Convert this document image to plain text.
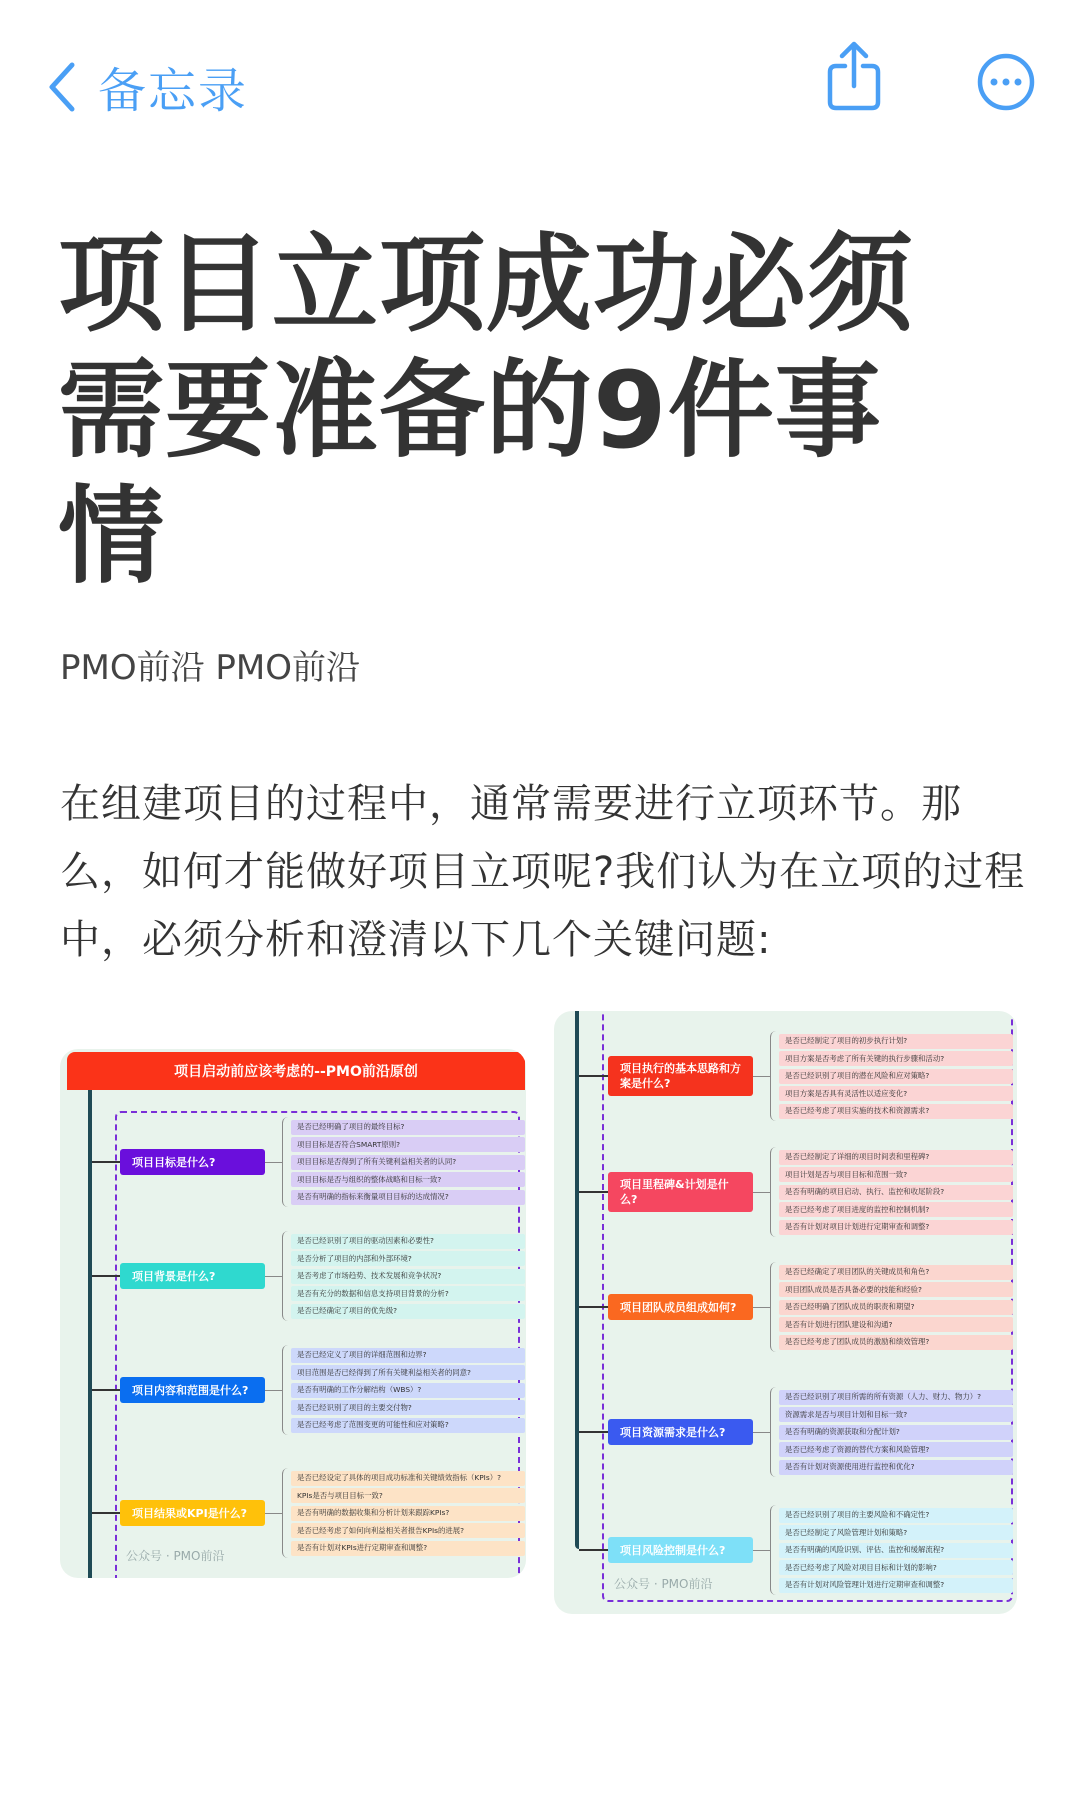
备忘录
项目立项成功必须需要准备的9件事情
PMO前沿 PMO前沿
在组建项目的过程中，通常需要进行立项环节。那么，如何才能做好项目立项呢?我们认为在立项的过程中，必须分析和澄清以下几个关键问题:
项目启动前应该考虑的--PMO前沿原创
项目目标是什么?
是否已经明确了项目的最终目标?
项目目标是否符合SMART原则?
项目目标是否得到了所有关键利益相关者的认同?
项目目标是否与组织的整体战略和目标一致?
是否有明确的指标来衡量项目目标的达成情况?
项目背景是什么?
是否已经识别了项目的驱动因素和必要性?
是否分析了项目的内部和外部环境?
是否考虑了市场趋势、技术发展和竞争状况?
是否有充分的数据和信息支持项目背景的分析?
是否已经确定了项目的优先级?
项目内容和范围是什么?
是否已经定义了项目的详细范围和边界?
项目范围是否已经得到了所有关键利益相关者的同意?
是否有明确的工作分解结构（WBS）?
是否已经识别了项目的主要交付物?
是否已经考虑了范围变更的可能性和应对策略?
项目结果或KPI是什么?
是否已经设定了具体的项目成功标准和关键绩效指标（KPIs）?
KPIs是否与项目目标一致?
是否有明确的数据收集和分析计划来跟踪KPIs?
是否已经考虑了如何向利益相关者报告KPIs的进展?
是否有计划对KPIs进行定期审查和调整?
公众号 · PMO前沿
项目执行的基本思路和方案是什么?
是否已经制定了项目的初步执行计划?
项目方案是否考虑了所有关键的执行步骤和活动?
是否已经识别了项目的潜在风险和应对策略?
项目方案是否具有灵活性以适应变化?
是否已经考虑了项目实施的技术和资源需求?
项目里程碑&计划是什么?
是否已经制定了详细的项目时间表和里程碑?
项目计划是否与项目目标和范围一致?
是否有明确的项目启动、执行、监控和收尾阶段?
是否已经考虑了项目进度的监控和控制机制?
是否有计划对项目计划进行定期审查和调整?
项目团队成员组成如何?
是否已经确定了项目团队的关键成员和角色?
项目团队成员是否具备必要的技能和经验?
是否已经明确了团队成员的职责和期望?
是否有计划进行团队建设和沟通?
是否已经考虑了团队成员的激励和绩效管理?
项目资源需求是什么?
是否已经识别了项目所需的所有资源（人力、财力、物力）?
资源需求是否与项目计划和目标一致?
是否有明确的资源获取和分配计划?
是否已经考虑了资源的替代方案和风险管理?
是否有计划对资源使用进行监控和优化?
项目风险控制是什么?
是否已经识别了项目的主要风险和不确定性?
是否已经制定了风险管理计划和策略?
是否有明确的风险识别、评估、监控和缓解流程?
是否已经考虑了风险对项目目标和计划的影响?
是否有计划对风险管理计划进行定期审查和调整?
公众号 · PMO前沿
